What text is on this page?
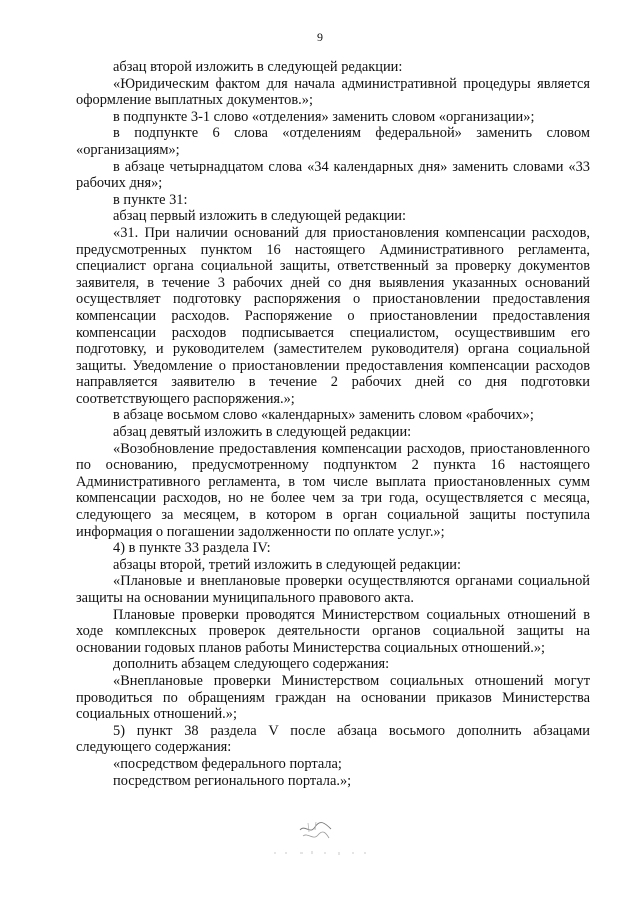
9

абзац второй изложить в следующей редакции:

«Юридическим фактом для начала административной процедуры является оформление выплатных документов.»;

в подпункте 3-1 слово «отделения» заменить словом «организации»;

в подпункте 6 слова «отделениям федеральной» заменить словом «организациям»;

в абзаце четырнадцатом слова «34 календарных дня» заменить словами «33 рабочих дня»;

в пункте 31:

абзац первый изложить в следующей редакции:

«31. При наличии оснований для приостановления компенсации расходов, предусмотренных пунктом 16 настоящего Административного регламента, специалист органа социальной защиты, ответственный за проверку документов заявителя, в течение 3 рабочих дней со дня выявления указанных оснований осуществляет подготовку распоряжения о приостановлении предоставления компенсации расходов. Распоряжение о приостановлении предоставления компенсации расходов подписывается специалистом, осуществившим его подготовку, и руководителем (заместителем руководителя) органа социальной защиты. Уведомление о приостановлении предоставления компенсации расходов направляется заявителю в течение 2 рабочих дней со дня подготовки соответствующего распоряжения.»;

в абзаце восьмом слово «календарных» заменить словом «рабочих»;

абзац девятый изложить в следующей редакции:

«Возобновление предоставления компенсации расходов, приостановленного по основанию, предусмотренному подпунктом 2 пункта 16 настоящего Административного регламента, в том числе выплата приостановленных сумм компенсации расходов, но не более чем за три года, осуществляется с месяца, следующего за месяцем, в котором в орган социальной защиты поступила информация о погашении задолженности по оплате услуг.»;

4) в пункте 33 раздела IV:

абзацы второй, третий изложить в следующей редакции:

«Плановые и внеплановые проверки осуществляются органами социальной защиты на основании муниципального правового акта.

Плановые проверки проводятся Министерством социальных отношений в ходе комплексных проверок деятельности органов социальной защиты на основании годовых планов работы Министерства социальных отношений.»;

дополнить абзацем следующего содержания:

«Внеплановые проверки Министерством социальных отношений могут проводиться по обращениям граждан на основании приказов Министерства социальных отношений.»;

5) пункт 38 раздела V после абзаца восьмого дополнить абзацами следующего содержания:

«посредством федерального портала;

посредством регионального портала.»;
